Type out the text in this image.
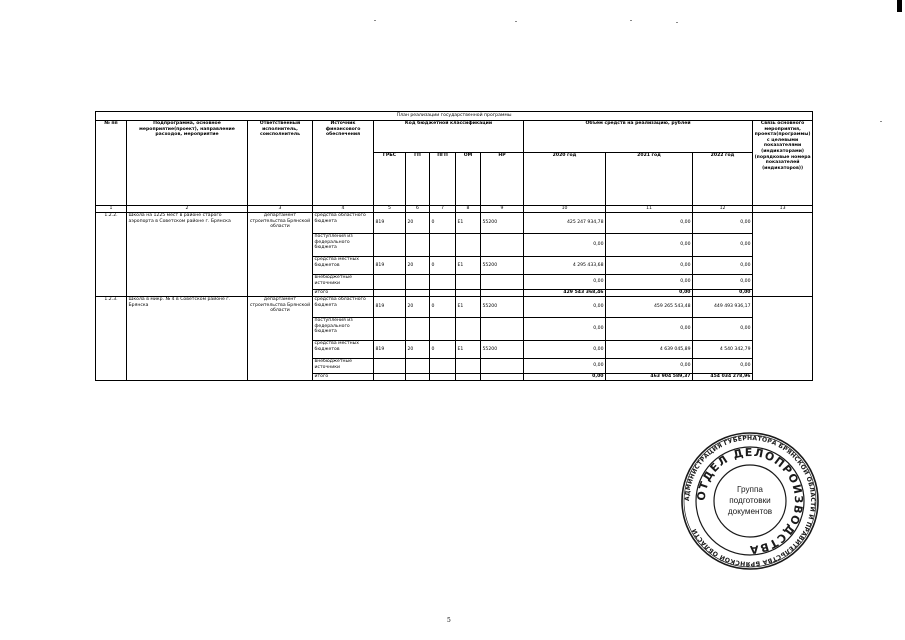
План реализации государственной программы												
№ пп	Подпрограмма, основное мероприятие(проект), направление расходов, мероприятие	Ответственный исполнитель, соисполнитель	Источник финансового обеспечения	Код бюджетной классификации					Объём средств на реализацию, рублей			Связь основного мероприятия, проекта(программы) с целевыми показателями (индикаторами) (порядковые номера показателей (индикаторов))
				ГРБС	ГП	ПГП	ОМ	НР	2020 год	2021 год	2022 год	
1	2	3	4	5	6	7	8	9	10	11	12	13
1.2.2.	Школа на 1225 мест в районе старого аэропорта в Советском районе г. Брянска	департамент строительства Брянской области	средства областного бюджета	819	20	0	E1	55200	425 247 934,78	0,00	0,00	
			поступления из федерального бюджета						0,00	0,00	0,00	
			средства местных бюджетов	819	20	0	E1	55200	4 295 433,68	0,00	0,00	
			внебюджетные источники						0,00	0,00	0,00	
			итого						429 543 368,46	0,00	0,00	
1.2.3.	Школа в микр. № 4 в Советском районе г. Брянска	департамент строительства Брянской области	средства областного бюджета	819	20	0	E1	55200	0,00	459 265 543,48	449 493 936,17	
			поступления из федерального бюджета						0,00	0,00	0,00	
			средства местных бюджетов	819	20	0	E1	55200	0,00	4 639 045,89	4 540 342,79	
			внебюджетные источники						0,00	0,00	0,00	
			итого						0,00	463 904 589,37	454 034 278,96	
АДМИНИСТРАЦИЯ ГУБЕРНАТОРА БРЯНСКОЙ ОБЛАСТИ И ПРАВИТЕЛЬСТВА БРЯНСКОЙ ОБЛАСТИ
ОТДЕЛ ДЕЛОПРОИЗВОДСТВА
Группа
подготовки
документов
5
